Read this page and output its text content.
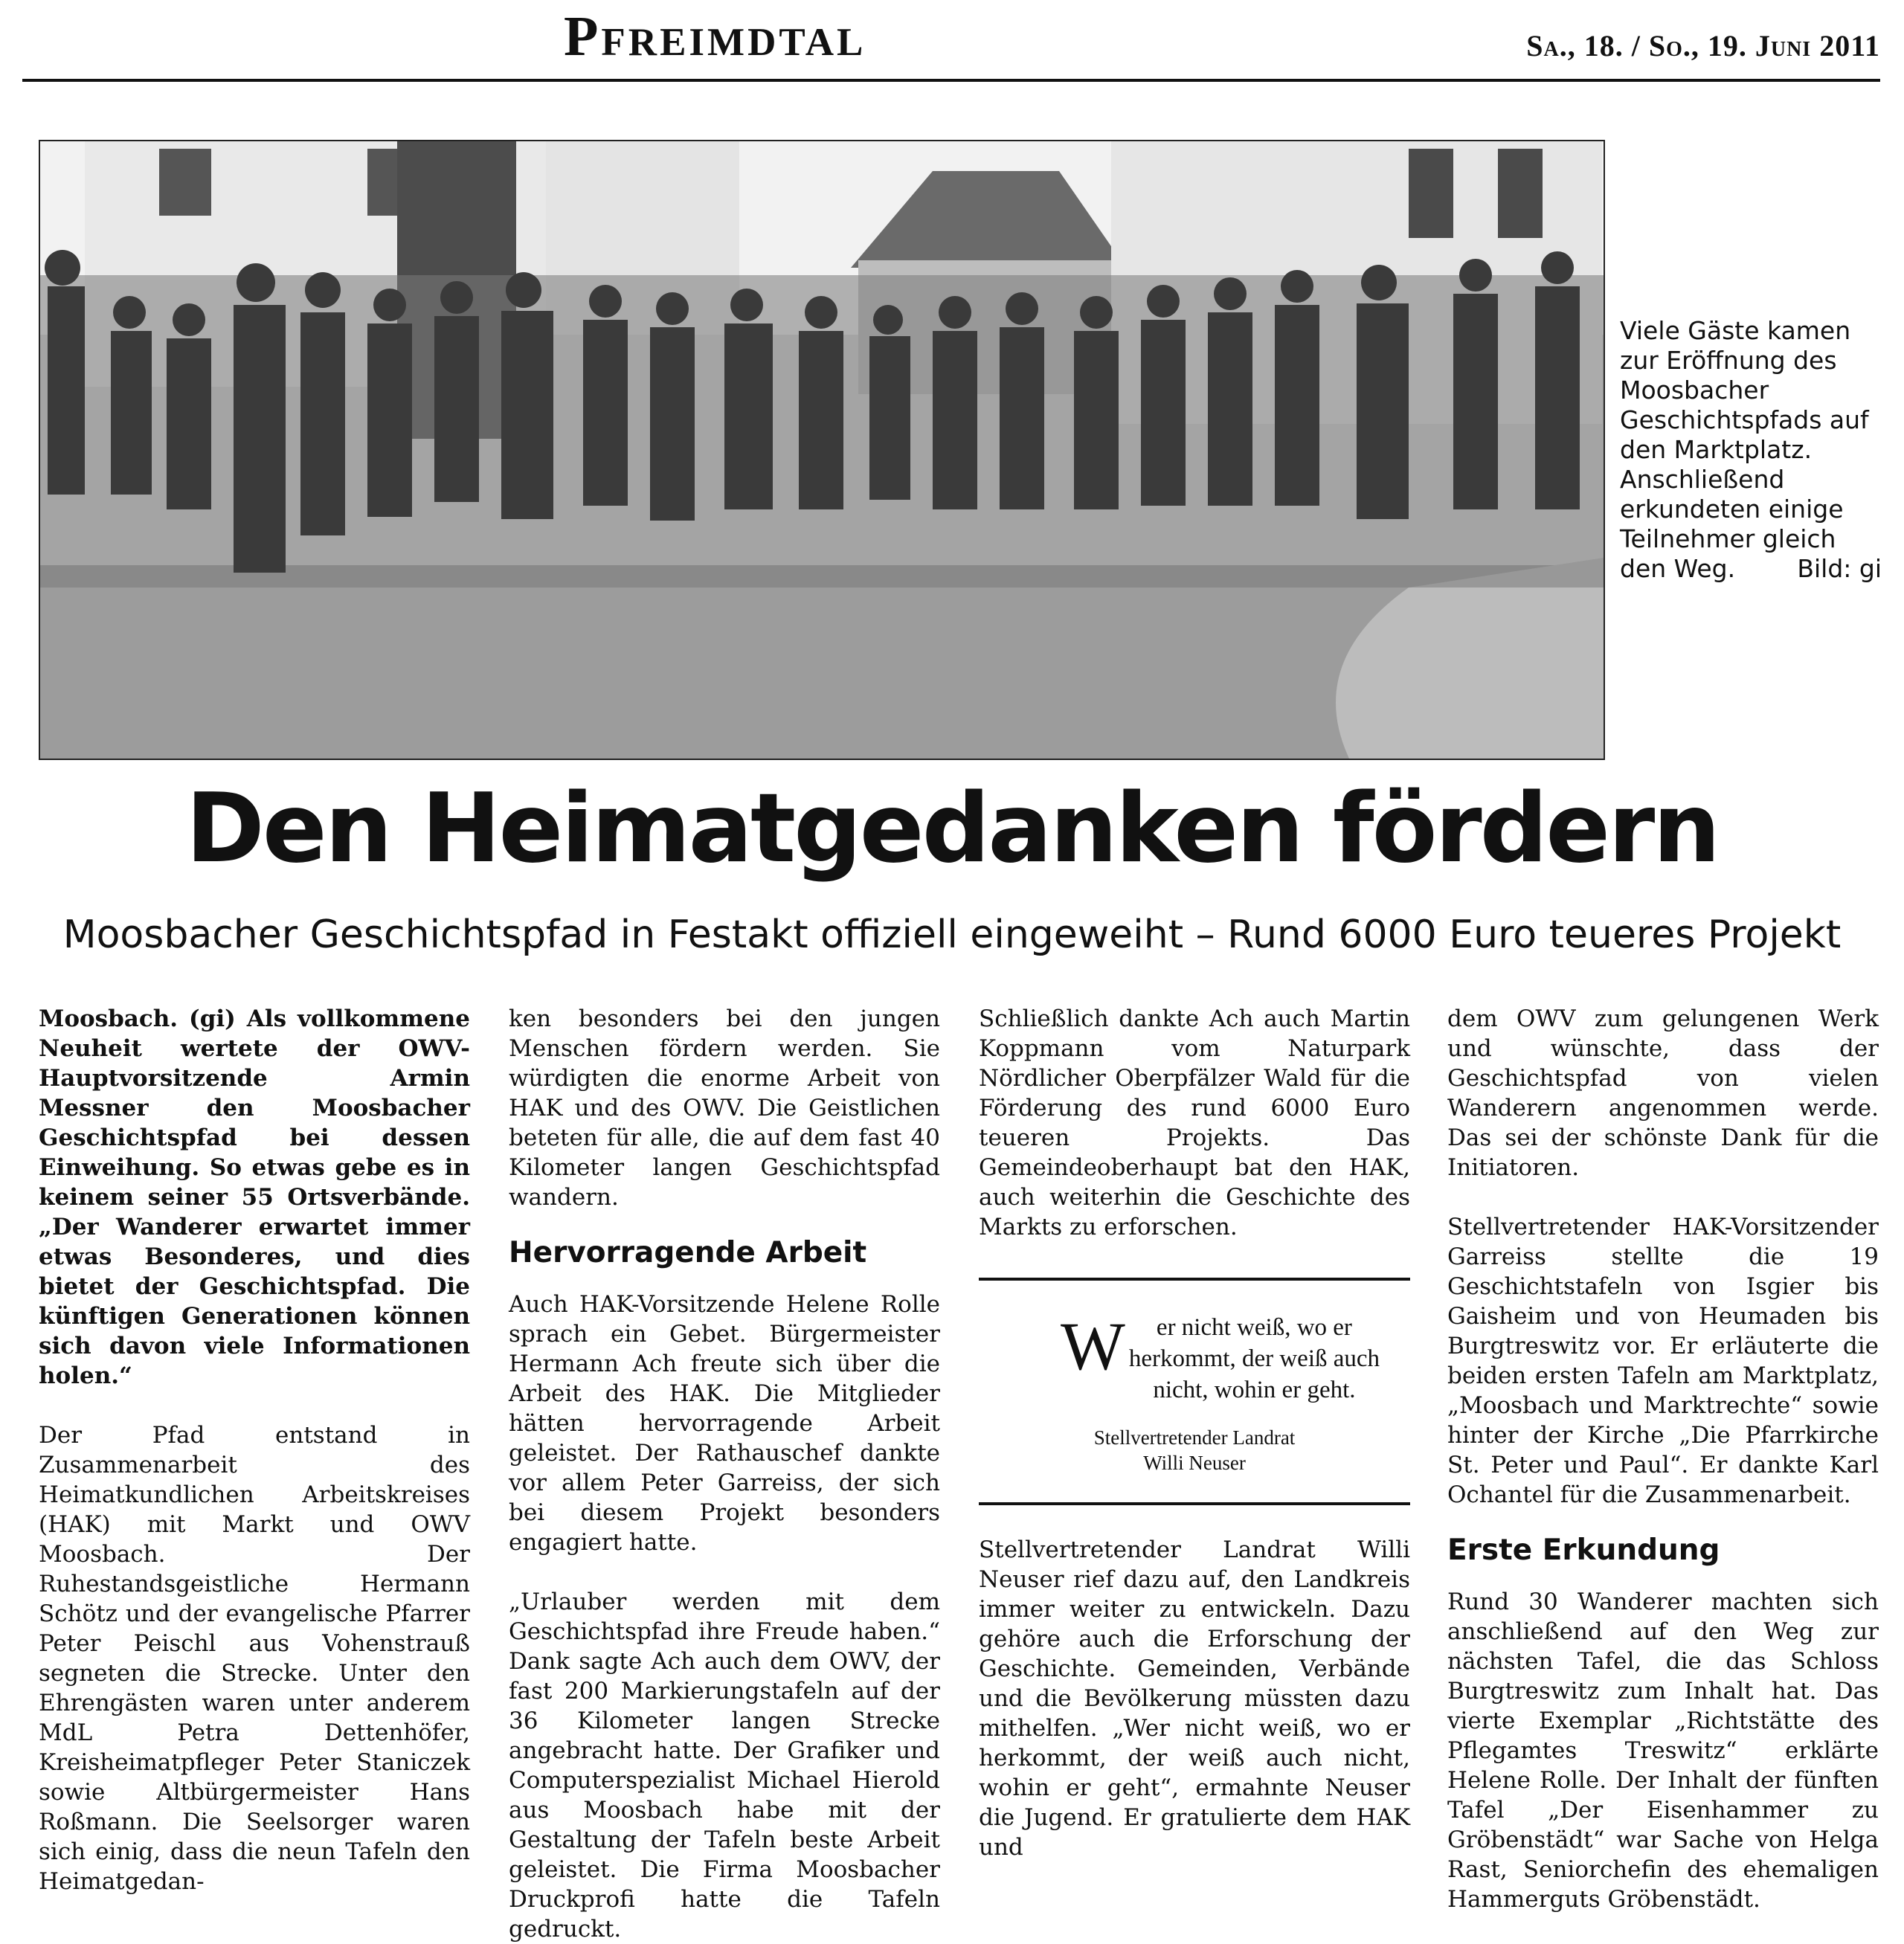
Pfreimdtal	Sa., 18. / So., 19. Juni 2011
Viele Gäste kamen zur Eröffnung des Moosbacher Geschichtspfads auf den Marktplatz. Anschließend erkundeten einige Teilnehmer gleich den Weg.	Bild: gi
Den Heimatgedanken fördern
Moosbacher Geschichtspfad in Festakt offiziell eingeweiht – Rund 6000 Euro teueres Projekt

Moosbach. (gi) Als vollkommene Neuheit wertete der OWV-Hauptvorsitzende Armin Messner den Moosbacher Geschichtspfad bei dessen Einweihung. So etwas gebe es in keinem seiner 55 Ortsverbände. „Der Wanderer erwartet immer etwas Besonderes, und dies bietet der Geschichtspfad. Die künftigen Generationen können sich davon viele Informationen holen.“

Der Pfad entstand in Zusammenarbeit des Heimatkundlichen Arbeitskreises (HAK) mit Markt und OWV Moosbach. Der Ruhestandsgeistliche Hermann Schötz und der evangelische Pfarrer Peter Peischl aus Vohenstrauß segneten die Strecke. Unter den Ehrengästen waren unter anderem MdL Petra Dettenhöfer, Kreisheimatpfleger Peter Staniczek sowie Altbürgermeister Hans Roßmann. Die Seelsorger waren sich einig, dass die neun Tafeln den Heimatgedan-

ken besonders bei den jungen Menschen fördern werden. Sie würdigten die enorme Arbeit von HAK und des OWV. Die Geistlichen beteten für alle, die auf dem fast 40 Kilometer langen Geschichtspfad wandern.

Hervorragende Arbeit

Auch HAK-Vorsitzende Helene Rolle sprach ein Gebet. Bürgermeister Hermann Ach freute sich über die Arbeit des HAK. Die Mitglieder hätten hervorragende Arbeit geleistet. Der Rathauschef dankte vor allem Peter Garreiss, der sich bei diesem Projekt besonders engagiert hatte.

„Urlauber werden mit dem Geschichtspfad ihre Freude haben.“ Dank sagte Ach auch dem OWV, der fast 200 Markierungstafeln auf der 36 Kilometer langen Strecke angebracht hatte. Der Grafiker und Computerspezialist Michael Hierold aus Moosbach habe mit der Gestaltung der Tafeln beste Arbeit geleistet. Die Firma Moosbacher Druckprofi hatte die Tafeln gedruckt.

Schließlich dankte Ach auch Martin Koppmann vom Naturpark Nördlicher Oberpfälzer Wald für die Förderung des rund 6000 Euro teueren Projekts. Das Gemeindeoberhaupt bat den HAK, auch weiterhin die Geschichte des Markts zu erforschen.

W er nicht weiß, wo er herkommt, der weiß auch nicht, wohin er geht.
Stellvertretender Landrat
Willi Neuser

Stellvertretender Landrat Willi Neuser rief dazu auf, den Landkreis immer weiter zu entwickeln. Dazu gehöre auch die Erforschung der Geschichte. Gemeinden, Verbände und die Bevölkerung müssten dazu mithelfen. „Wer nicht weiß, wo er herkommt, der weiß auch nicht, wohin er geht“, ermahnte Neuser die Jugend. Er gratulierte dem HAK und

dem OWV zum gelungenen Werk und wünschte, dass der Geschichtspfad von vielen Wanderern angenommen werde. Das sei der schönste Dank für die Initiatoren.

Stellvertretender HAK-Vorsitzender Garreiss stellte die 19 Geschichtstafeln von Isgier bis Gaisheim und von Heumaden bis Burgtreswitz vor. Er erläuterte die beiden ersten Tafeln am Marktplatz, „Moosbach und Marktrechte“ sowie hinter der Kirche „Die Pfarrkirche St. Peter und Paul“. Er dankte Karl Ochantel für die Zusammenarbeit.

Erste Erkundung

Rund 30 Wanderer machten sich anschließend auf den Weg zur nächsten Tafel, die das Schloss Burgtreswitz zum Inhalt hat. Das vierte Exemplar „Richtstätte des Pflegamtes Treswitz“ erklärte Helene Rolle. Der Inhalt der fünften Tafel „Der Eisenhammer zu Gröbenstädt“ war Sache von Helga Rast, Seniorchefin des ehemaligen Hammerguts Gröbenstädt.
